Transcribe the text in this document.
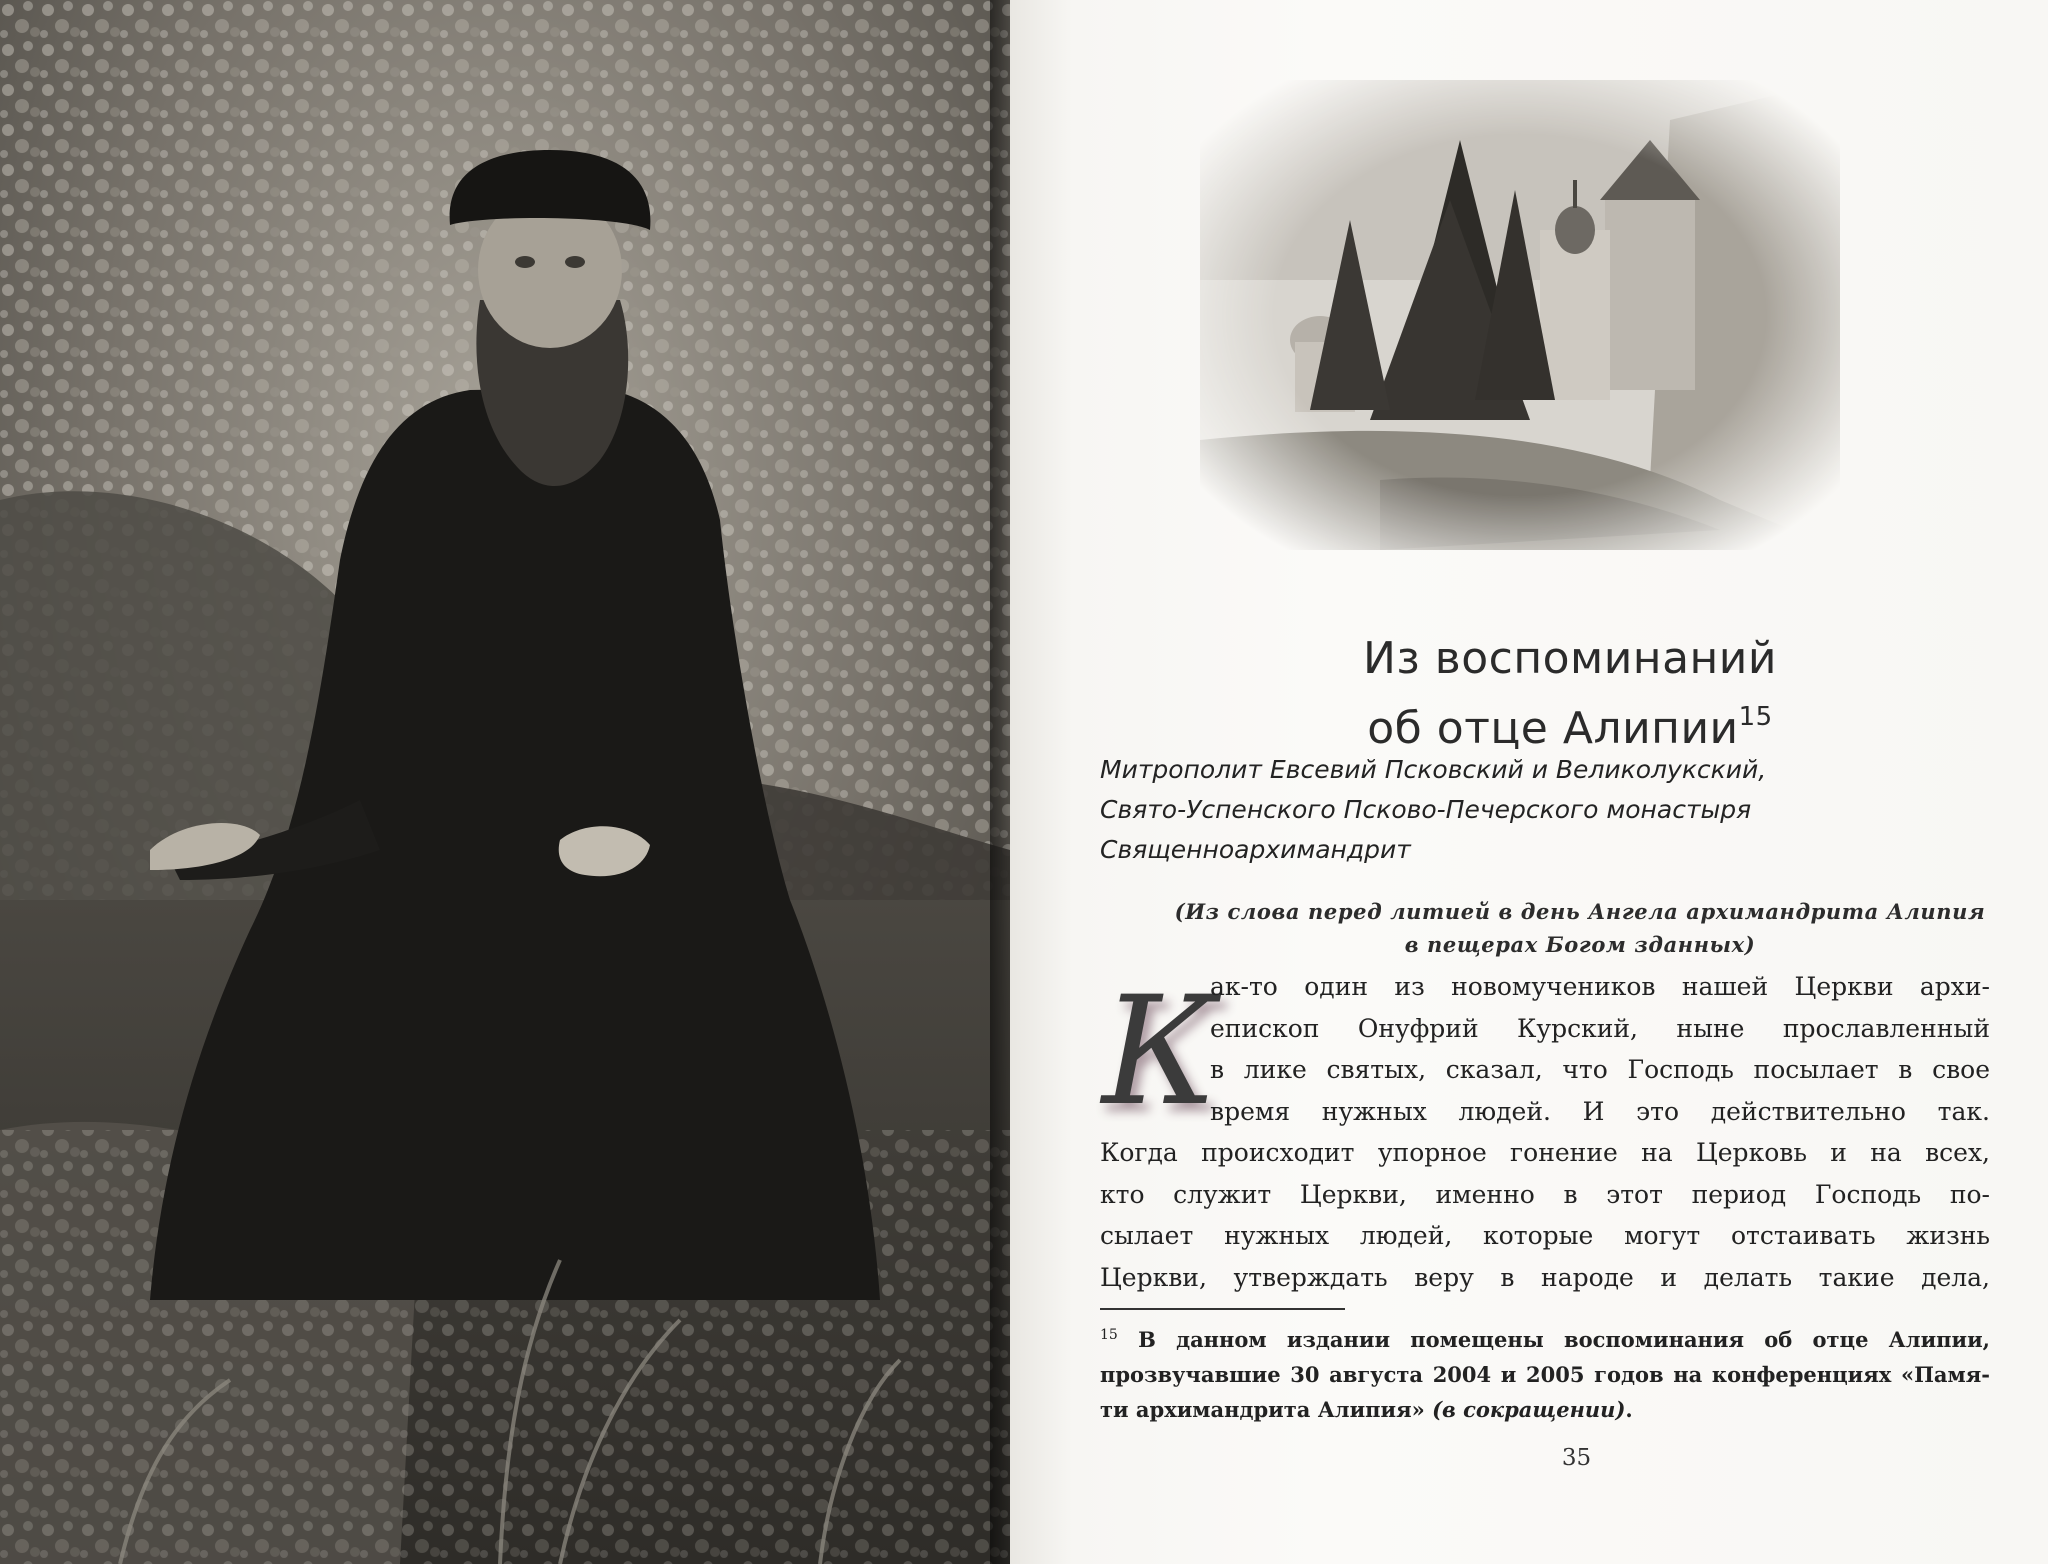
Из воспоминаний
об отце Алипии$^{15}$
Митрополит Евсевий Псковский и Великолукский,
Свято-Успенского Псково-Печерского монастыря
Священноархимандрит
(Из слова перед литией в день Ангела архимандрита Алипия
в пещерах Богом зданных)
К
ак-то один из новомучеников нашей Церкви архи-
епископ Онуфрий Курский, ныне прославленный
в лике святых, сказал, что Господь посылает в свое
время нужных людей. И это действительно так.
Когда происходит упорное гонение на Церковь и на всех,
кто служит Церкви, именно в этот период Господь по-
сылает нужных людей, которые могут отстаивать жизнь
Церкви, утверждать веру в народе и делать такие дела,
$^{15}$ В данном издании помещены воспоминания об отце Алипии,
прозвучавшие 30 августа 2004 и 2005 годов на конференциях «Памя-
ти архимандрита Алипия» (в сокращении).
35
